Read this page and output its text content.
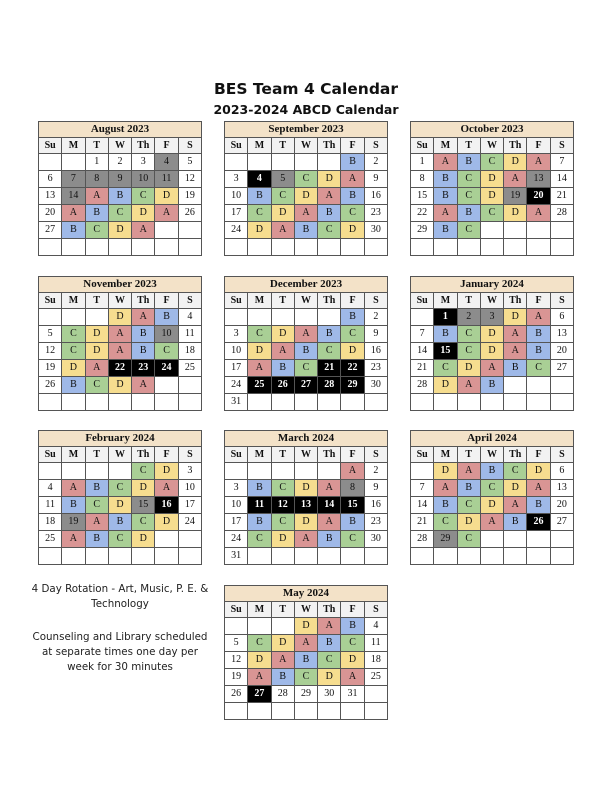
BES Team 4 Calendar
2023-2024 ABCD Calendar
August 2023						
Su	M	T	W	Th	F	S
		1	2	3	4	5
6	7	8	9	10	11	12
13	14	A	B	C	D	19
20	A	B	C	D	A	26
27	B	C	D	A		

September 2023						
Su	M	T	W	Th	F	S
					B	2
3	4	5	C	D	A	9
10	B	C	D	A	B	16
17	C	D	A	B	C	23
24	D	A	B	C	D	30

October 2023						
Su	M	T	W	Th	F	S
1	A	B	C	D	A	7
8	B	C	D	A	13	14
15	B	C	D	19	20	21
22	A	B	C	D	A	28
29	B	C				

November 2023						
Su	M	T	W	Th	F	S
			D	A	B	4
5	C	D	A	B	10	11
12	C	D	A	B	C	18
19	D	A	22	23	24	25
26	B	C	D	A		

December 2023						
Su	M	T	W	Th	F	S
					B	2
3	C	D	A	B	C	9
10	D	A	B	C	D	16
17	A	B	C	21	22	23
24	25	26	27	28	29	30
31						
January 2024						
Su	M	T	W	Th	F	S
	1	2	3	D	A	6
7	B	C	D	A	B	13
14	15	C	D	A	B	20
21	C	D	A	B	C	27
28	D	A	B			

February 2024						
Su	M	T	W	Th	F	S
				C	D	3
4	A	B	C	D	A	10
11	B	C	D	15	16	17
18	19	A	B	C	D	24
25	A	B	C	D		

March 2024						
Su	M	T	W	Th	F	S
					A	2
3	B	C	D	A	8	9
10	11	12	13	14	15	16
17	B	C	D	A	B	23
24	C	D	A	B	C	30
31						
April 2024						
Su	M	T	W	Th	F	S
	D	A	B	C	D	6
7	A	B	C	D	A	13
14	B	C	D	A	B	20
21	C	D	A	B	26	27
28	29	C				

May 2024						
Su	M	T	W	Th	F	S
			D	A	B	4
5	C	D	A	B	C	11
12	D	A	B	C	D	18
19	A	B	C	D	A	25
26	27	28	29	30	31	

4 Day Rotation - Art, Music, P. E. & Technology
Counseling and Library scheduled at separate times one day per week for 30 minutes
